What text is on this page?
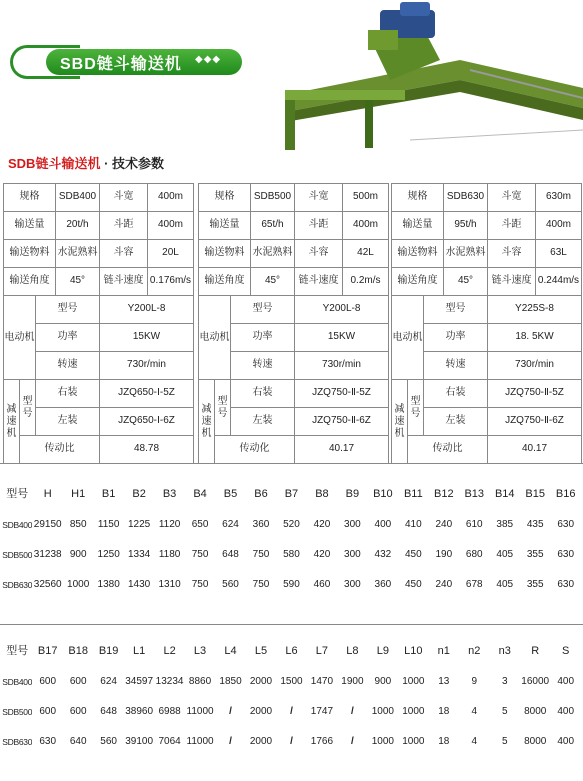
SBD链斗输送机 ◆◆◆
SDB链斗输送机 · 技术参数
规格			SDB400	斗宽	400m
输送量			20t/h	斗距	400m
输送物料			水泥熟料	斗容	20L
输送角度			45°	链斗速度	0.176m/s
电动机		型号		Y200L-8	
		功率		15KW	
		转速		730r/min	
减速机	型号	右装		JZQ650-Ⅰ-5Z	
		左装		JZQ650-Ⅰ-6Z	
	传动比			48.78	
规格			SDB500	斗宽	500m
输送量			65t/h	斗距	400m
输送物料			水泥熟料	斗容	42L
输送角度			45°	链斗速度	0.2m/s
电动机		型号		Y200L-8	
		功率		15KW	
		转速		730r/min	
减速机	型号	右装		JZQ750-Ⅱ-5Z	
		左装		JZQ750-Ⅱ-6Z	
	传动化			40.17	
规格			SDB630	斗宽	630m
输送量			95t/h	斗距	400m
输送物料			水泥熟料	斗容	63L
输送角度			45°	链斗速度	0.244m/s
电动机		型号		Y225S-8	
		功率		18. 5KW	
		转速		730r/min	
减速机	型号	右装		JZQ750-Ⅱ-5Z	
		左装		JZQ750-Ⅱ-6Z	
	传动比			40.17	
型号	H	H1	B1	B2	B3	B4	B5	B6	B7	B8	B9	B10	B11	B12	B13	B14	B15	B16
SDB400	29150	850	1150	1225	1120	650	624	360	520	420	300	400	410	240	610	385	435	630
SDB500	31238	900	1250	1334	1180	750	648	750	580	420	300	432	450	190	680	405	355	630
SDB630	32560	1000	1380	1430	1310	750	560	750	590	460	300	360	450	240	678	405	355	630
型号	B17	B18	B19	L1	L2	L3	L4	L5	L6	L7	L8	L9	L10	n1	n2	n3	R	S
SDB400	600	600	624	34597	13234	8860	1850	2000	1500	1470	1900	900	1000	13	9	3	16000	400
SDB500	600	600	648	38960	6988	11000	/	2000	/	1747	/	1000	1000	18	4	5	8000	400
SDB630	630	640	560	39100	7064	11000	/	2000	/	1766	/	1000	1000	18	4	5	8000	400
